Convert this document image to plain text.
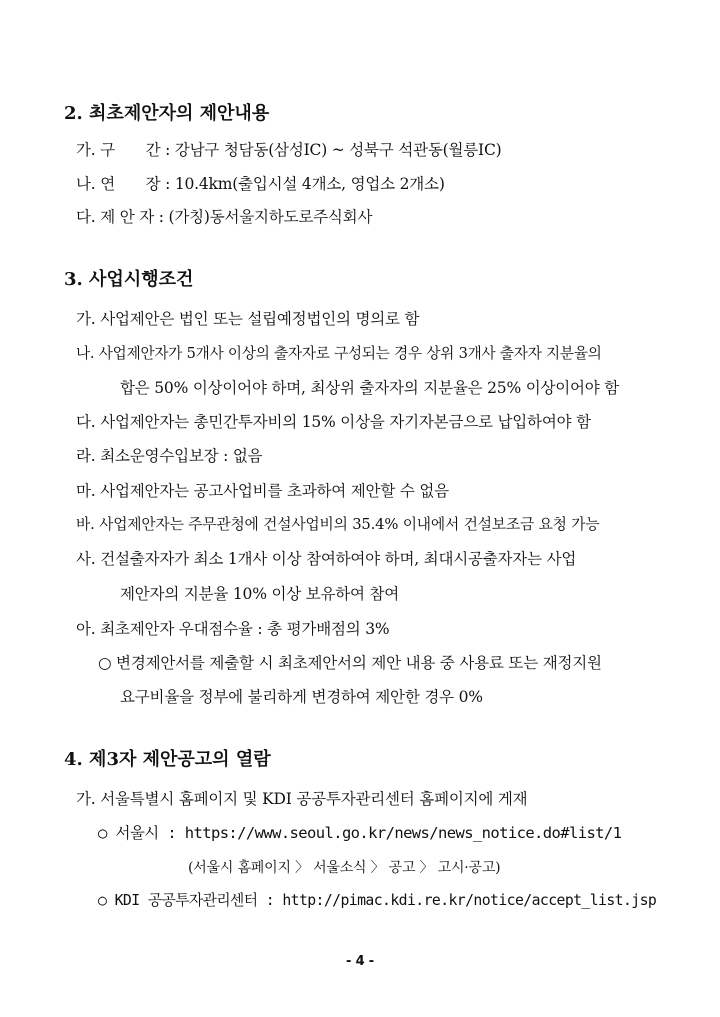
2. 최초제안자의 제안내용
가. 구　　간 : 강남구 청담동(삼성IC) ~ 성북구 석관동(월릉IC)
나. 연　　장 : 10.4km(출입시설 4개소, 영업소 2개소)
다. 제 안 자 : (가칭)동서울지하도로주식회사
3. 사업시행조건
가. 사업제안은 법인 또는 설립예정법인의 명의로 함
나. 사업제안자가 5개사 이상의 출자자로 구성되는 경우 상위 3개사 출자자 지분율의
합은 50% 이상이어야 하며, 최상위 출자자의 지분율은 25% 이상이어야 함
다. 사업제안자는 총민간투자비의 15% 이상을 자기자본금으로 납입하여야 함
라. 최소운영수입보장 : 없음
마. 사업제안자는 공고사업비를 초과하여 제안할 수 없음
바. 사업제안자는 주무관청에 건설사업비의 35.4% 이내에서 건설보조금 요청 가능
사. 건설출자자가 최소 1개사 이상 참여하여야 하며, 최대시공출자자는 사업
제안자의 지분율 10% 이상 보유하여 참여
아. 최초제안자 우대점수율 : 총 평가배점의 3%
○ 변경제안서를 제출할 시 최초제안서의 제안 내용 중 사용료 또는 재정지원
요구비율을 정부에 불리하게 변경하여 제안한 경우 0%
4. 제3자 제안공고의 열람
가. 서울특별시 홈페이지 및 KDI 공공투자관리센터 홈페이지에 게재
○ 서울시 : https://www.seoul.go.kr/news/news_notice.do#list/1
(서울시 홈페이지 〉 서울소식 〉 공고 〉 고시·공고)
○ KDI 공공투자관리센터 : http://pimac.kdi.re.kr/notice/accept_list.jsp
- 4 -
